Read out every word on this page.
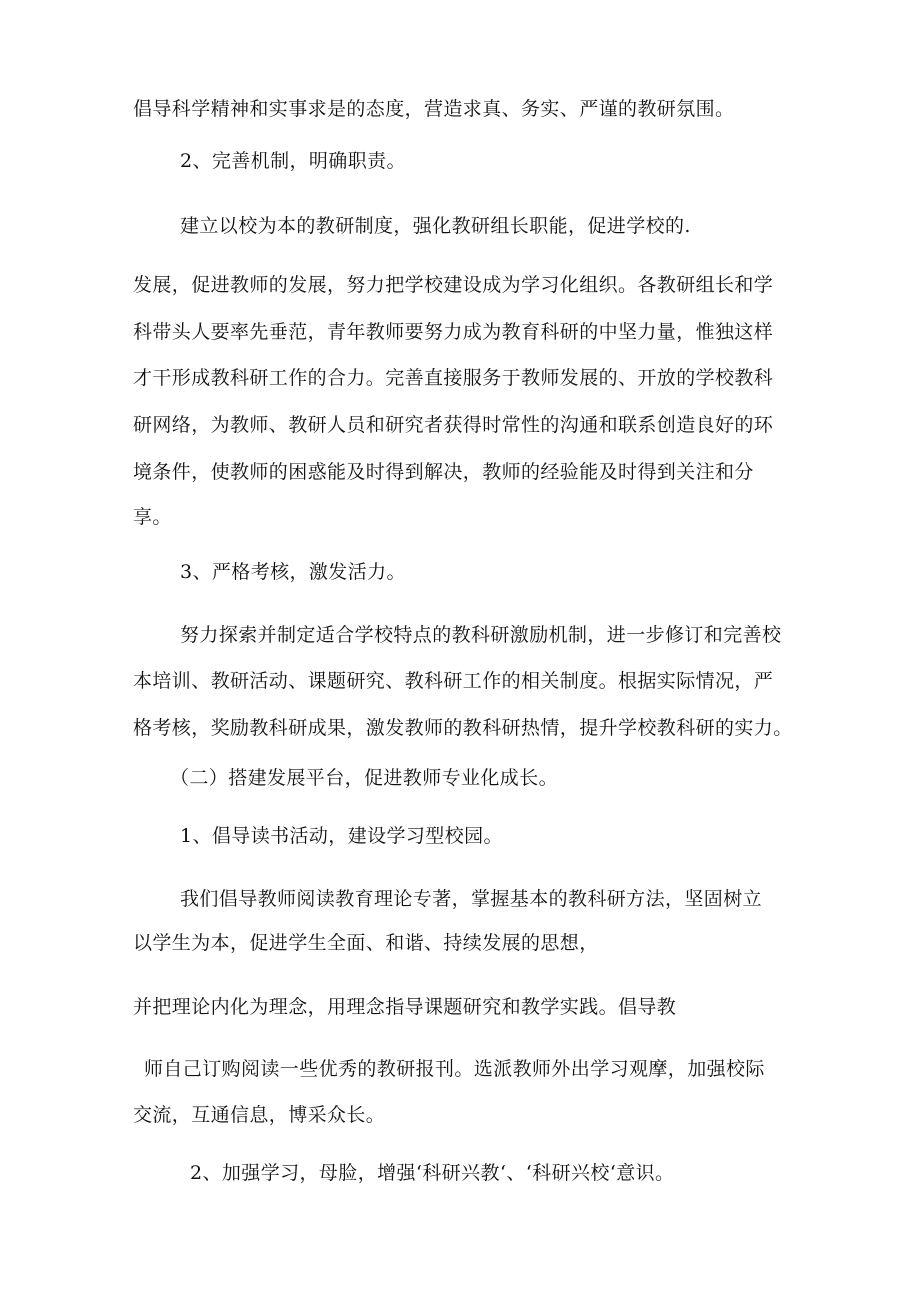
倡导科学精神和实事求是的态度，营造求真、务实、严谨的教研氛围。
2、完善机制，明确职责。
建立以校为本的教研制度，强化教研组长职能，促进学校的.
发展，促进教师的发展，努力把学校建设成为学习化组织。各教研组长和学
科带头人要率先垂范，青年教师要努力成为教育科研的中坚力量，惟独这样
才干形成教科研工作的合力。完善直接服务于教师发展的、开放的学校教科
研网络，为教师、教研人员和研究者获得时常性的沟通和联系创造良好的环
境条件，使教师的困惑能及时得到解决，教师的经验能及时得到关注和分
享。
3、严格考核，激发活力。
努力探索并制定适合学校特点的教科研激励机制，进一步修订和完善校
本培训、教研活动、课题研究、教科研工作的相关制度。根据实际情况，严
格考核，奖励教科研成果，激发教师的教科研热情，提升学校教科研的实力。
（二）搭建发展平台，促进教师专业化成长。
1、倡导读书活动，建设学习型校园。
我们倡导教师阅读教育理论专著，掌握基本的教科研方法，坚固树立
以学生为本，促进学生全面、和谐、持续发展的思想，
并把理论内化为理念，用理念指导课题研究和教学实践。倡导教
师自己订购阅读一些优秀的教研报刊。选派教师外出学习观摩，加强校际
交流，互通信息，博采众长。
2、加强学习，母脸，增强‘科研兴教‘、‘科研兴校‘意识。
